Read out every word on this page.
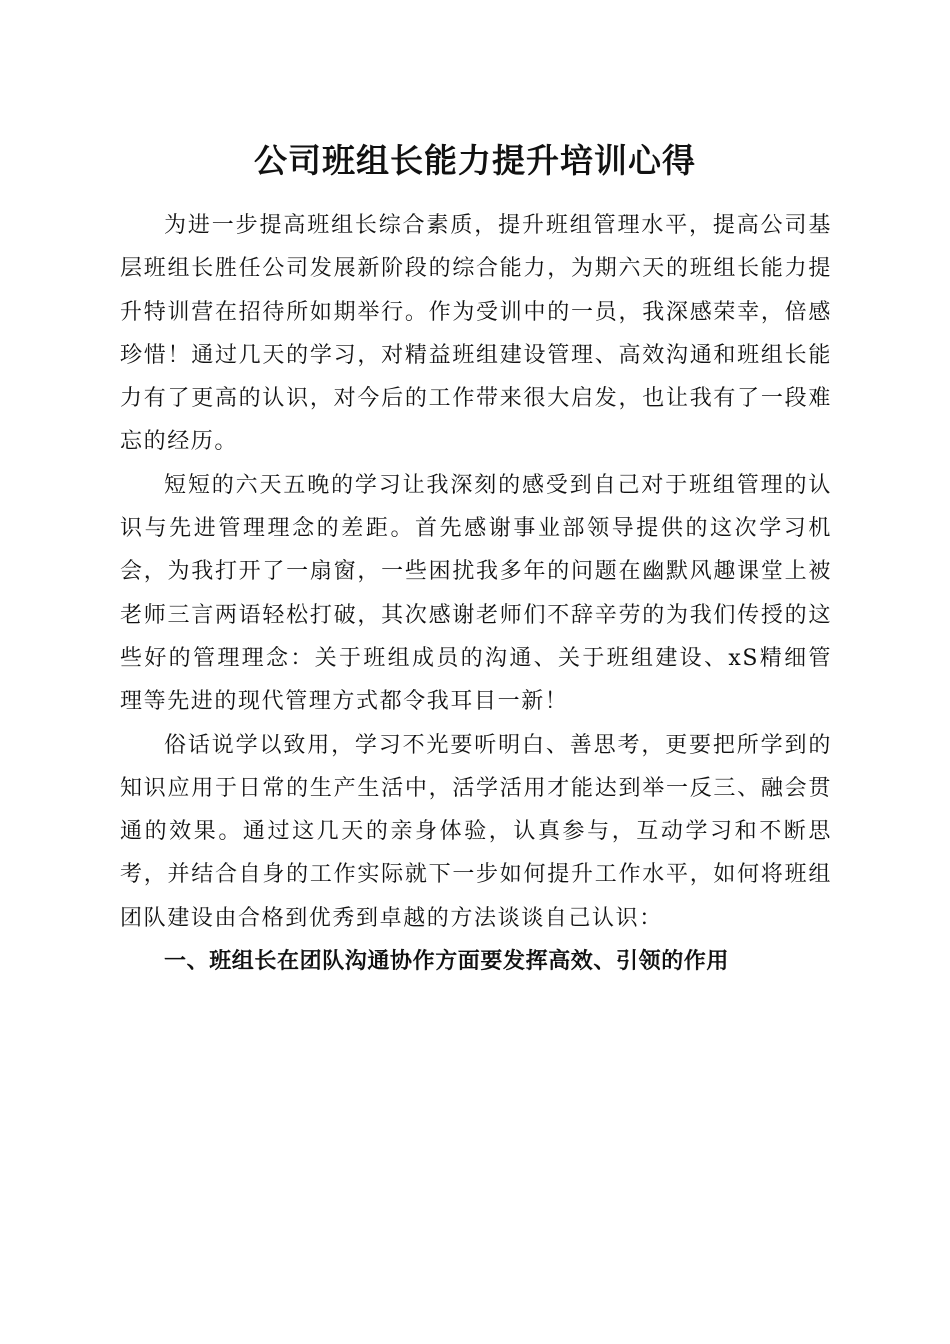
公司班组长能力提升培训心得

为进一步提高班组长综合素质，提升班组管理水平，提高公司基层班组长胜任公司发展新阶段的综合能力，为期六天的班组长能力提升特训营在招待所如期举行。作为受训中的一员，我深感荣幸，倍感珍惜！通过几天的学习，对精益班组建设管理、高效沟通和班组长能力有了更高的认识，对今后的工作带来很大启发，也让我有了一段难忘的经历。

短短的六天五晚的学习让我深刻的感受到自己对于班组管理的认识与先进管理理念的差距。首先感谢事业部领导提供的这次学习机会，为我打开了一扇窗，一些困扰我多年的问题在幽默风趣课堂上被老师三言两语轻松打破，其次感谢老师们不辞辛劳的为我们传授的这些好的管理理念：关于班组成员的沟通、关于班组建设、xS精细管理等先进的现代管理方式都令我耳目一新！

俗话说学以致用，学习不光要听明白、善思考，更要把所学到的知识应用于日常的生产生活中，活学活用才能达到举一反三、融会贯通的效果。通过这几天的亲身体验，认真参与，互动学习和不断思考，并结合自身的工作实际就下一步如何提升工作水平，如何将班组团队建设由合格到优秀到卓越的方法谈谈自己认识：

一、班组长在团队沟通协作方面要发挥高效、引领的作用
